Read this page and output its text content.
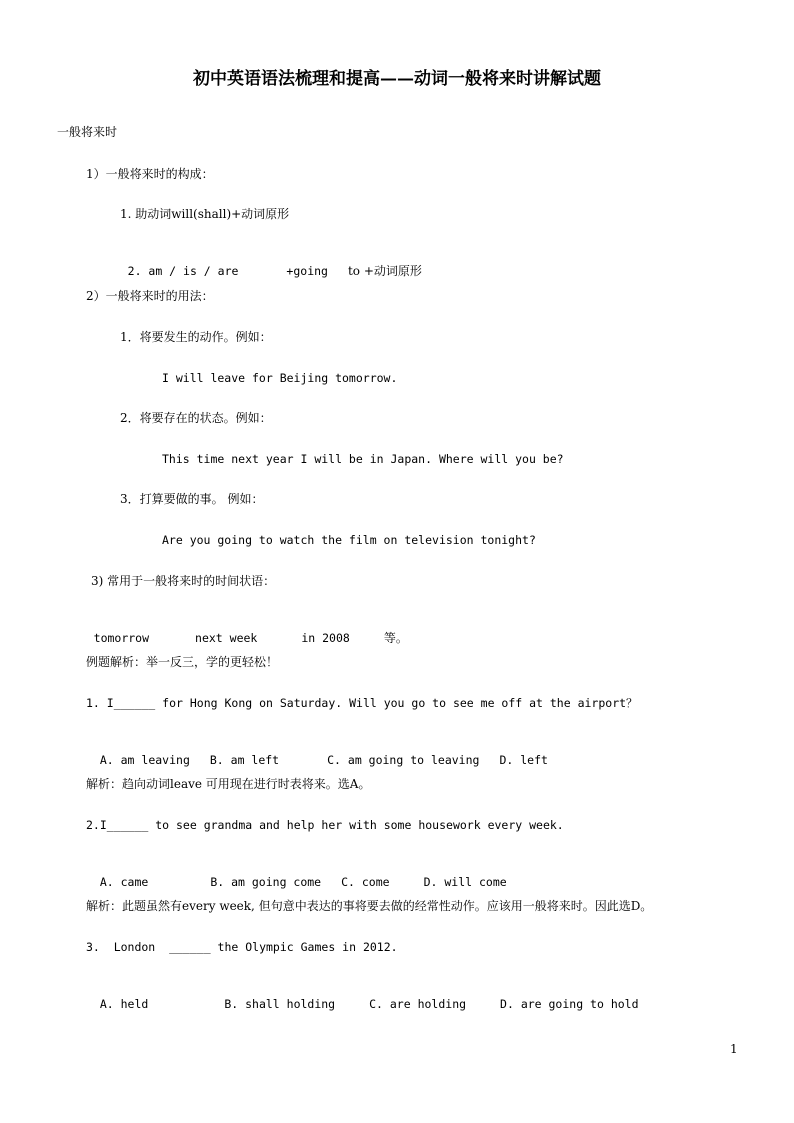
初中英语语法梳理和提高——动词一般将来时讲解试题
一般将来时
1）一般将来时的构成：
1. 助动词will(shall)+动词原形

2. am / is / are	+going to +动词原形

2）一般将来时的用法：
1．将要发生的动作。例如：
I will leave for Beijing tomorrow.
2．将要存在的状态。例如：
This time next year I will be in Japan. Where will you be?
3．打算要做的事。 例如：
Are you going to watch the film on television tonight?
3) 常用于一般将来时的时间状语：

tomorrow	next week	in 2008	等。

例题解析：举一反三，学的更轻松！
1. I______ for Hong Kong on Saturday. Will you go to see me off at the airport？

A. am leaving B. am left	C. am going to leaving D. left

解析：趋向动词leave 可用现在进行时表将来。选A。
2.I______ to see grandma and help her with some housework every week.

A. came	B. am going come C. come	D. will come

解析：此题虽然有every week, 但句意中表达的事将要去做的经常性动作。应该用一般将来时。因此选D。
3.  London  ______ the Olympic Games in 2012.

A. held	B. shall holding	C. are holding	D. are going to hold

1
